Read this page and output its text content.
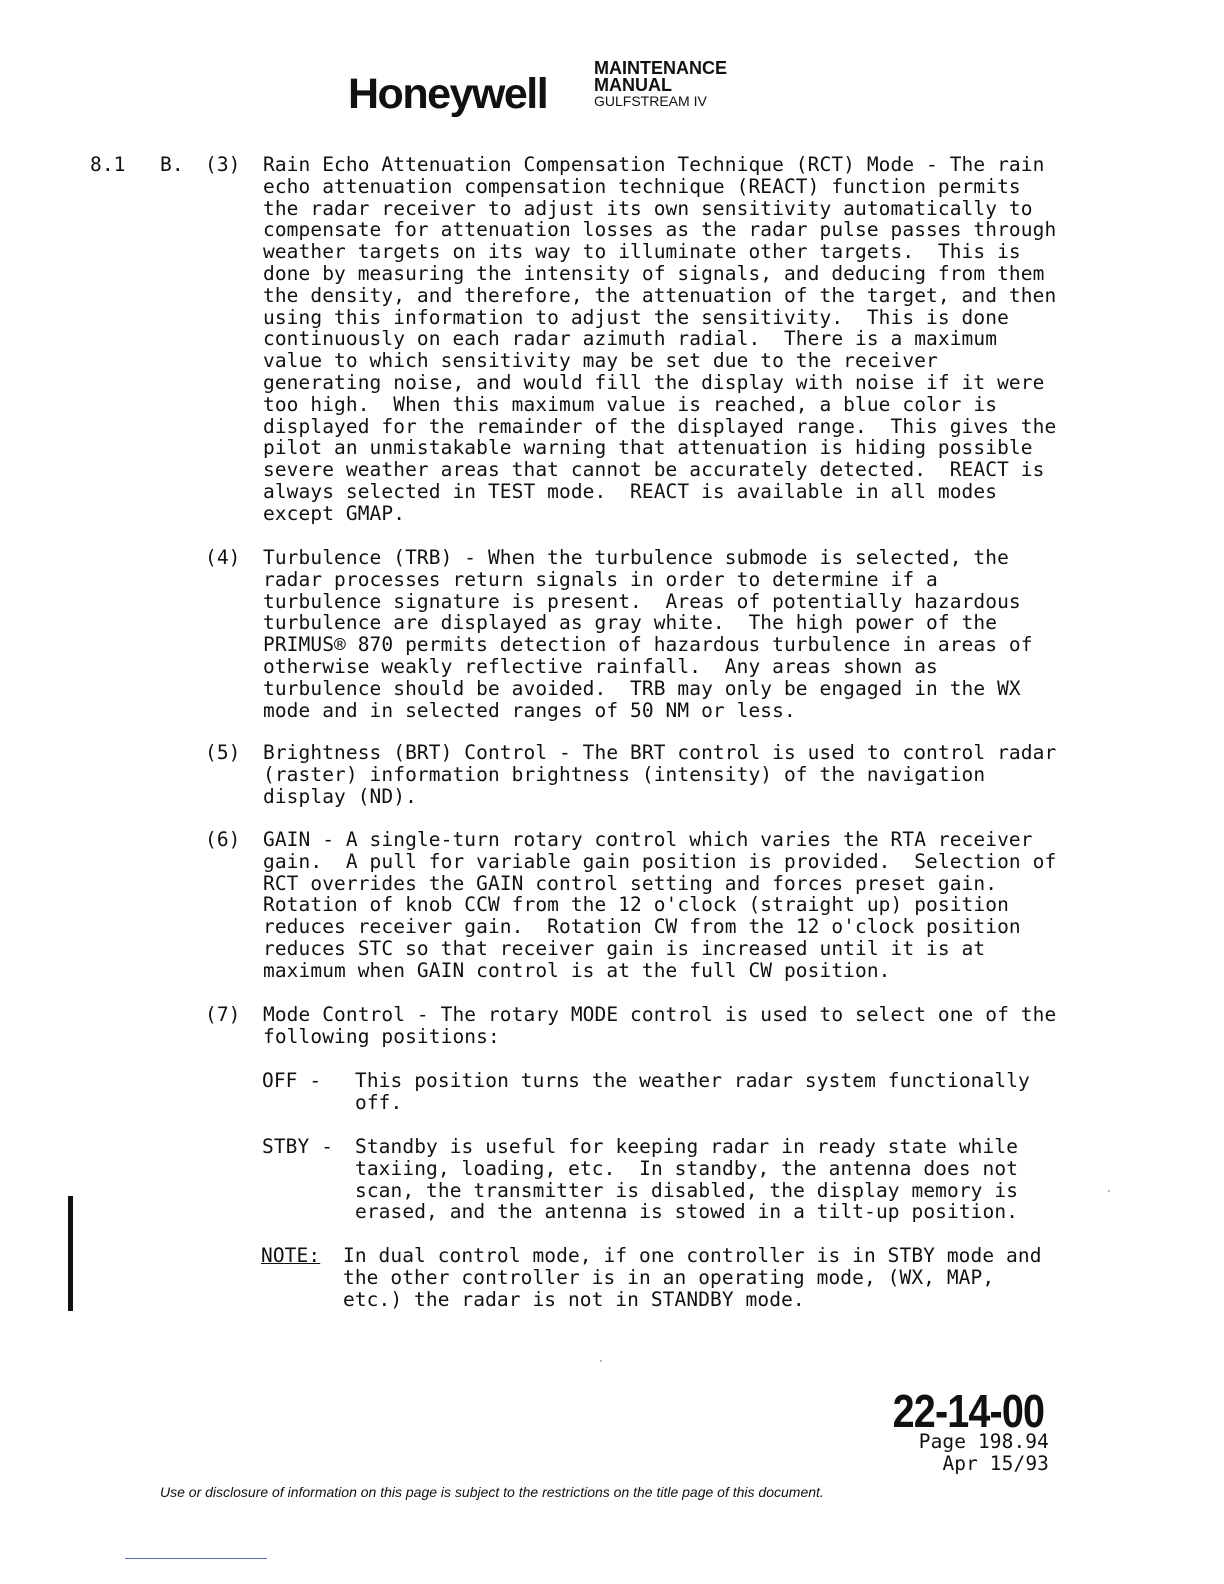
Honeywell
MAINTENANCE
MANUAL
GULFSTREAM IV
8.1 B. (3) Rain Echo Attenuation Compensation Technique (RCT) Mode - The rain
echo attenuation compensation technique (REACT) function permits
the radar receiver to adjust its own sensitivity automatically to
compensate for attenuation losses as the radar pulse passes through
weather targets on its way to illuminate other targets.  This is
done by measuring the intensity of signals, and deducing from them
the density, and therefore, the attenuation of the target, and then
using this information to adjust the sensitivity.  This is done
continuously on each radar azimuth radial.  There is a maximum
value to which sensitivity may be set due to the receiver
generating noise, and would fill the display with noise if it were
too high.  When this maximum value is reached, a blue color is
displayed for the remainder of the displayed range.  This gives the
pilot an unmistakable warning that attenuation is hiding possible
severe weather areas that cannot be accurately detected.  REACT is
always selected in TEST mode.  REACT is available in all modes
except GMAP.
(4) Turbulence (TRB) - When the turbulence submode is selected, the
radar processes return signals in order to determine if a
turbulence signature is present.  Areas of potentially hazardous
turbulence are displayed as gray white.  The high power of the
PRIMUS® 870 permits detection of hazardous turbulence in areas of
otherwise weakly reflective rainfall.  Any areas shown as
turbulence should be avoided.  TRB may only be engaged in the WX
mode and in selected ranges of 50 NM or less.
(5) Brightness (BRT) Control - The BRT control is used to control radar
(raster) information brightness (intensity) of the navigation
display (ND).
(6) GAIN - A single-turn rotary control which varies the RTA receiver
gain.  A pull for variable gain position is provided.  Selection of
RCT overrides the GAIN control setting and forces preset gain.
Rotation of knob CCW from the 12 o'clock (straight up) position
reduces receiver gain.  Rotation CW from the 12 o'clock position
reduces STC so that receiver gain is increased until it is at
maximum when GAIN control is at the full CW position.
(7) Mode Control - The rotary MODE control is used to select one of the
following positions:
OFF - This position turns the weather radar system functionally
off.
STBY - Standby is useful for keeping radar in ready state while
taxiing, loading, etc.  In standby, the antenna does not
scan, the transmitter is disabled, the display memory is
erased, and the antenna is stowed in a tilt-up position.
NOTE: In dual control mode, if one controller is in STBY mode and
the other controller is in an operating mode, (WX, MAP,
etc.) the radar is not in STANDBY mode.
22-14-00
Page 198.94
Apr 15/93
Use or disclosure of information on this page is subject to the restrictions on the title page of this document.
